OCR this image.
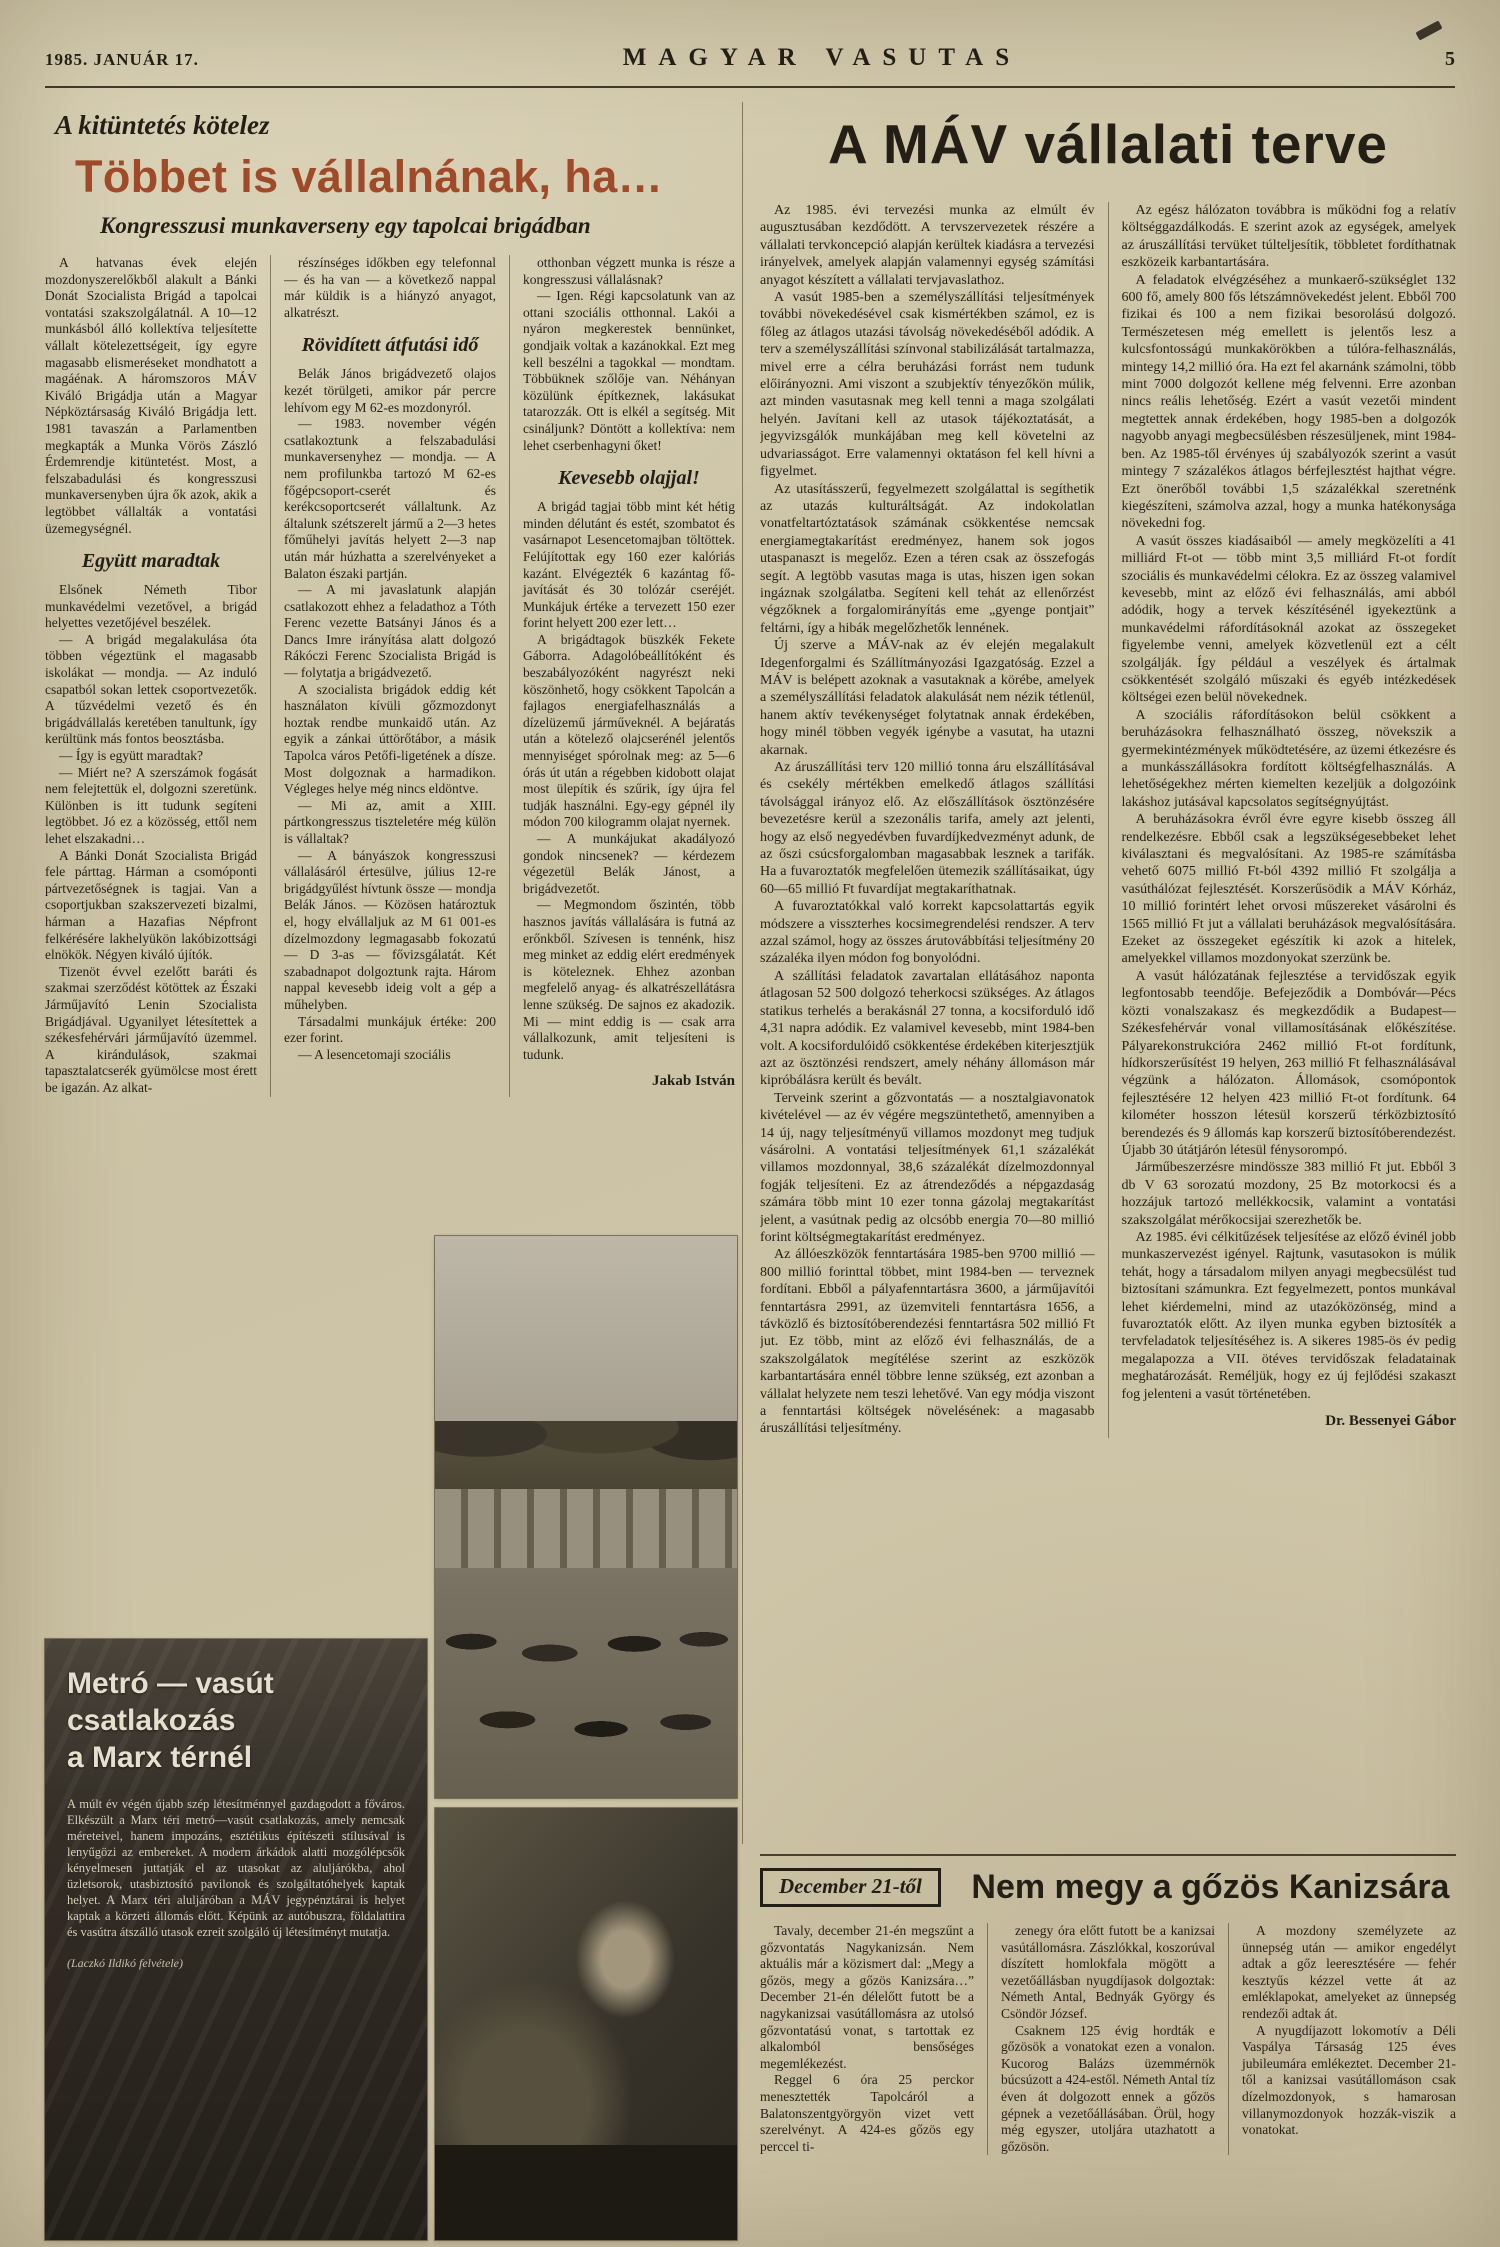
1985. JANUÁR 17.	MAGYAR VASUTAS	5
A kitüntetés kötelez
Többet is vállalnának, ha…
Kongresszusi munkaverseny egy tapolcai brigádban

A hatvanas évek elején mozdonyszerelőkből alakult a Bánki Donát Szocialista Brigád a tapolcai vontatási szakszolgálatnál. A 10—12 munkásból álló kollektíva teljesítette vállalt kötelezettségeit, így egyre magasabb elismeréseket mondhatott a magáénak. A háromszoros MÁV Kiváló Brigádja után a Magyar Népköztársaság Kiváló Brigádja lett. 1981 tavaszán a Parlamentben megkapták a Munka Vörös Zászló Érdemrendje kitüntetést. Most, a felszabadulási és kongresszusi munkaversenyben újra ők azok, akik a legtöbbet vállalták a vontatási üzemegységnél.

Együtt maradtak

Elsőnek Németh Tibor munkavédelmi vezetővel, a brigád helyettes vezetőjével beszélek.

— A brigád megalakulása óta többen végeztünk el magasabb iskolákat — mondja. — Az induló csapatból sokan lettek csoportvezetők. A tűzvédelmi vezető és én brigádvállalás keretében tanultunk, így kerültünk más fontos beosztásba.

— Így is együtt maradtak?

— Miért ne? A szerszámok fogását nem felejtettük el, dolgozni szeretünk. Különben is itt tudunk segíteni legtöbbet. Jó ez a közösség, ettől nem lehet elszakadni…

A Bánki Donát Szocialista Brigád fele párttag. Hárman a csomóponti pártvezetőségnek is tagjai. Van a csoportjukban szakszervezeti bizalmi, hárman a Hazafias Népfront felkérésére lakhelyükön lakóbizottsági elnökök. Négyen kiváló újítók.

Tizenöt évvel ezelőtt baráti és szakmai szerződést kötöttek az Északi Járműjavító Lenin Szocialista Brigádjával. Ugyanilyet létesítettek a székesfehérvári járműjavító üzemmel. A kirándulások, szakmai tapasztalatcserék gyümölcse most érett be igazán. Az alkat-

részínséges időkben egy telefonnal — és ha van — a következő nappal már küldik is a hiányzó anyagot, alkatrészt.

Rövidített átfutási idő

Belák János brigádvezető olajos kezét törülgeti, amikor pár percre lehívom egy M 62-es mozdonyról.

— 1983. november végén csatlakoztunk a felszabadulási munkaversenyhez — mondja. — A nem profilunkba tartozó M 62-es főgépcsoport-cserét és kerékcsoportcserét vállaltunk. Az általunk szétszerelt jármű a 2—3 hetes főműhelyi javítás helyett 2—3 nap után már húzhatta a szerelvényeket a Balaton északi partján.

— A mi javaslatunk alapján csatlakozott ehhez a feladathoz a Tóth Ferenc vezette Batsányi János és a Dancs Imre irányítása alatt dolgozó Rákóczi Ferenc Szocialista Brigád is — folytatja a brigádvezető.

A szocialista brigádok eddig két használaton kívüli gőzmozdonyt hoztak rendbe munkaidő után. Az egyik a zánkai úttörőtábor, a másik Tapolca város Petőfi-ligetének a dísze. Most dolgoznak a harmadikon. Végleges helye még nincs eldöntve.

— Mi az, amit a XIII. pártkongresszus tiszteletére még külön is vállaltak?

— A bányászok kongresszusi vállalásáról értesülve, július 12-re brigádgyűlést hívtunk össze — mondja Belák János. — Közösen határoztuk el, hogy elvállaljuk az M 61 001-es dízelmozdony legmagasabb fokozatú — D 3-as — fővizsgálatát. Két szabadnapot dolgoztunk rajta. Három nappal kevesebb ideig volt a gép a műhelyben.

Társadalmi munkájuk értéke: 200 ezer forint.

— A lesencetomaji szociális

otthonban végzett munka is része a kongresszusi vállalásnak?

— Igen. Régi kapcsolatunk van az ottani szociális otthonnal. Lakói a nyáron megkerestek bennünket, gondjaik voltak a kazánokkal. Ezt meg kell beszélni a tagokkal — mondtam. Többüknek szőlője van. Néhányan közülünk építkeznek, lakásukat tatarozzák. Ott is elkél a segítség. Mit csináljunk? Döntött a kollektíva: nem lehet cserbenhagyni őket!

Kevesebb olajjal!

A brigád tagjai több mint két hétig minden délutánt és estét, szombatot és vasárnapot Lesencetomajban töltöttek. Felújítottak egy 160 ezer kalóriás kazánt. Elvégezték 6 kazántag fő-javítását és 30 tolózár cseréjét. Munkájuk értéke a tervezett 150 ezer forint helyett 200 ezer lett…

A brigádtagok büszkék Fekete Gáborra. Adagolóbeállítóként és beszabályozóként nagyrészt neki köszönhető, hogy csökkent Tapolcán a fajlagos energiafelhasználás a dízelüzemű járműveknél. A bejáratás után a kötelező olajcserénél jelentős mennyiséget spórolnak meg: az 5—6 órás út után a régebben kidobott olajat most ülepítik és szűrik, így újra fel tudják használni. Egy-egy gépnél ily módon 700 kilogramm olajat nyernek.

— A munkájukat akadályozó gondok nincsenek? — kérdezem végezetül Belák Jánost, a brigádvezetőt.

— Megmondom őszintén, több hasznos javítás vállalására is futná az erőnkből. Szívesen is tennénk, hisz meg minket az eddig elért eredmények is köteleznek. Ehhez azonban megfelelő anyag- és alkatrészellátásra lenne szükség. De sajnos ez akadozik. Mi — mint eddig is — csak arra vállalkozunk, amit teljesíteni is tudunk.

Jakab István

A MÁV vállalati terve

Az 1985. évi tervezési munka az elmúlt év augusztusában kezdődött. A tervszervezetek részére a vállalati tervkoncepció alapján kerültek kiadásra a tervezési irányelvek, amelyek alapján valamennyi egység számítási anyagot készített a vállalati tervjavaslathoz.

A vasút 1985-ben a személyszállítási teljesítmények további növekedésével csak kismértékben számol, ez is főleg az átlagos utazási távolság növekedéséből adódik. A terv a személyszállítási színvonal stabilizálását tartalmazza, mivel erre a célra beruházási forrást nem tudunk előirányozni. Ami viszont a szubjektív tényezőkön múlik, azt minden vasutasnak meg kell tenni a maga szolgálati helyén. Javítani kell az utasok tájékoztatását, a jegyvizsgálók munkájában meg kell követelni az udvariasságot. Erre valamennyi oktatáson fel kell hívni a figyelmet.

Az utasításszerű, fegyelmezett szolgálattal is segíthetik az utazás kulturáltságát. Az indokolatlan vonatfeltartóztatások számának csökkentése nemcsak energiamegtakarítást eredményez, hanem sok jogos utaspanaszt is megelőz. Ezen a téren csak az összefogás segít. A legtöbb vasutas maga is utas, hiszen igen sokan ingáznak szolgálatba. Segíteni kell tehát az ellenőrzést végzőknek a forgalomirányítás eme „gyenge pontjait” feltárni, így a hibák megelőzhetők lennének.

Új szerve a MÁV-nak az év elején megalakult Idegenforgalmi és Szállítmányozási Igazgatóság. Ezzel a MÁV is belépett azoknak a vasutaknak a körébe, amelyek a személyszállítási feladatok alakulását nem nézik tétlenül, hanem aktív tevékenységet folytatnak annak érdekében, hogy minél többen vegyék igénybe a vasutat, ha utazni akarnak.

Az áruszállítási terv 120 millió tonna áru elszállításával és csekély mértékben emelkedő átlagos szállítási távolsággal irányoz elő. Az előszállítások ösztönzésére bevezetésre kerül a szezonális tarifa, amely azt jelenti, hogy az első negyedévben fuvardíjkedvezményt adunk, de az őszi csúcsforgalomban magasabbak lesznek a tarifák. Ha a fuvaroztatók megfelelően ütemezik szállításaikat, úgy 60—65 millió Ft fuvardíjat megtakaríthatnak.

A fuvaroztatókkal való korrekt kapcsolattartás egyik módszere a visszterhes kocsimegrendelési rendszer. A terv azzal számol, hogy az összes árutovábbítási teljesítmény 20 százaléka ilyen módon fog bonyolódni.

A szállítási feladatok zavartalan ellátásához naponta átlagosan 52 500 dolgozó teherkocsi szükséges. Az átlagos statikus terhelés a berakásnál 27 tonna, a kocsiforduló idő 4,31 napra adódik. Ez valamivel kevesebb, mint 1984-ben volt. A kocsifordulóidő csökkentése érdekében kiterjesztjük azt az ösztönzési rendszert, amely néhány állomáson már kipróbálásra került és bevált.

Terveink szerint a gőzvontatás — a nosztalgiavonatok kivételével — az év végére megszüntethető, amennyiben a 14 új, nagy teljesítményű villamos mozdonyt meg tudjuk vásárolni. A vontatási teljesítmények 61,1 százalékát villamos mozdonnyal, 38,6 százalékát dízelmozdonnyal fogják teljesíteni. Ez az átrendeződés a népgazdaság számára több mint 10 ezer tonna gázolaj megtakarítást jelent, a vasútnak pedig az olcsóbb energia 70—80 millió forint költségmegtakarítást eredményez.

Az állóeszközök fenntartására 1985-ben 9700 millió — 800 millió forinttal többet, mint 1984-ben — terveznek fordítani. Ebből a pályafenntartásra 3600, a járműjavítói fenntartásra 2991, az üzemviteli fenntartásra 1656, a távközlő és biztosítóberendezési fenntartásra 502 millió Ft jut. Ez több, mint az előző évi felhasználás, de a szakszolgálatok megítélése szerint az eszközök karbantartására ennél többre lenne szükség, ezt azonban a vállalat helyzete nem teszi lehetővé. Van egy módja viszont a fenntartási költségek növelésének: a magasabb áruszállítási teljesítmény.

Az egész hálózaton továbbra is működni fog a relatív költséggazdálkodás. E szerint azok az egységek, amelyek az áruszállítási tervüket túlteljesítik, többletet fordíthatnak eszközeik karbantartására.

A feladatok elvégzéséhez a munkaerő-szükséglet 132 600 fő, amely 800 fős létszámnövekedést jelent. Ebből 700 fizikai és 100 a nem fizikai besorolású dolgozó. Természetesen még emellett is jelentős lesz a kulcsfontosságú munkakörökben a túlóra-felhasználás, mintegy 14,2 millió óra. Ha ezt fel akarnánk számolni, több mint 7000 dolgozót kellene még felvenni. Erre azonban nincs reális lehetőség. Ezért a vasút vezetői mindent megtettek annak érdekében, hogy 1985-ben a dolgozók nagyobb anyagi megbecsülésben részesüljenek, mint 1984-ben. Az 1985-től érvényes új szabályozók szerint a vasút mintegy 7 százalékos átlagos bérfejlesztést hajthat végre. Ezt önerőből további 1,5 százalékkal szeretnénk kiegészíteni, számolva azzal, hogy a munka hatékonysága növekedni fog.

A vasút összes kiadásaiból — amely megközelíti a 41 milliárd Ft-ot — több mint 3,5 milliárd Ft-ot fordít szociális és munkavédelmi célokra. Ez az összeg valamivel kevesebb, mint az előző évi felhasználás, ami abból adódik, hogy a tervek készítésénél igyekeztünk a munkavédelmi ráfordításoknál azokat az összegeket figyelembe venni, amelyek közvetlenül ezt a célt szolgálják. Így például a veszélyek és ártalmak csökkentését szolgáló műszaki és egyéb intézkedések költségei ezen belül növekednek.

A szociális ráfordításokon belül csökkent a beruházásokra felhasználható összeg, növekszik a gyermekintézmények működtetésére, az üzemi étkezésre és a munkásszállásokra fordított költségfelhasználás. A lehetőségekhez mérten kiemelten kezeljük a dolgozóink lakáshoz jutásával kapcsolatos segítségnyújtást.

A beruházásokra évről évre egyre kisebb összeg áll rendelkezésre. Ebből csak a legszükségesebbeket lehet kiválasztani és megvalósítani. Az 1985-re számításba vehető 6075 millió Ft-ból 4392 millió Ft szolgálja a vasúthálózat fejlesztését. Korszerűsödik a MÁV Kórház, 10 millió forintért lehet orvosi műszereket vásárolni és 1565 millió Ft jut a vállalati beruházások megvalósítására. Ezeket az összegeket egészítik ki azok a hitelek, amelyekkel villamos mozdonyokat szerzünk be.

A vasút hálózatának fejlesztése a tervidőszak egyik legfontosabb teendője. Befejeződik a Dombóvár—Pécs közti vonalszakasz és megkezdődik a Budapest—Székesfehérvár vonal villamosításának előkészítése. Pályarekonstrukcióra 2462 millió Ft-ot fordítunk, hídkorszerűsítést 19 helyen, 263 millió Ft felhasználásával végzünk a hálózaton. Állomások, csomópontok fejlesztésére 12 helyen 423 millió Ft-ot fordítunk. 64 kilométer hosszon létesül korszerű térközbiztosító berendezés és 9 állomás kap korszerű biztosítóberendezést. Újabb 30 útátjárón létesül fénysorompó.

Járműbeszerzésre mindössze 383 millió Ft jut. Ebből 3 db V 63 sorozatú mozdony, 25 Bz motorkocsi és a hozzájuk tartozó mellékkocsik, valamint a vontatási szakszolgálat mérőkocsijai szerezhetők be.

Az 1985. évi célkitűzések teljesítése az előző évinél jobb munkaszervezést igényel. Rajtunk, vasutasokon is múlik tehát, hogy a társadalom milyen anyagi megbecsülést tud biztosítani számunkra. Ezt fegyelmezett, pontos munkával lehet kiérdemelni, mind az utazóközönség, mind a fuvaroztatók előtt. Az ilyen munka egyben biztosíték a tervfeladatok teljesítéséhez is. A sikeres 1985-ös év pedig megalapozza a VII. ötéves tervidőszak feladatainak meghatározását. Reméljük, hogy ez új fejlődési szakaszt fog jelenteni a vasút történetében.

Dr. Bessenyei Gábor

December 21-től	Nem megy a gőzös Kanizsára

Tavaly, december 21-én megszűnt a gőzvontatás Nagykanizsán. Nem aktuális már a közismert dal: „Megy a gőzös, megy a gőzös Kanizsára…” December 21-én délelőtt futott be a nagykanizsai vasútállomásra az utolsó gőzvontatású vonat, s tartottak ez alkalomból bensőséges megemlékezést.

Reggel 6 óra 25 perckor menesztették Tapolcáról a Balatonszentgyörgyön vizet vett szerelvényt. A 424-es gőzös egy perccel ti-

zenegy óra előtt futott be a kanizsai vasútállomásra. Zászlókkal, koszorúval díszített homlokfala mögött a vezetőállásban nyugdíjasok dolgoztak: Németh Antal, Bednyák György és Csöndör József.

Csaknem 125 évig hordták e gőzösök a vonatokat ezen a vonalon. Kucorog Balázs üzemmérnök búcsúzott a 424-estől. Németh Antal tíz éven át dolgozott ennek a gőzös gépnek a vezetőállásában. Örül, hogy még egyszer, utoljára utazhatott a gőzösön.

A mozdony személyzete az ünnepség után — amikor engedélyt adtak a gőz leeresztésére — fehér kesztyűs kézzel vette át az emléklapokat, amelyeket az ünnepség rendezői adtak át.

A nyugdíjazott lokomotív a Déli Vaspálya Társaság 125 éves jubileumára emlékeztet. December 21-től a kanizsai vasútállomáson csak dízelmozdonyok, s hamarosan villanymozdonyok hozzák-viszik a vonatokat.

Metró — vasút
csatlakozás
a Marx térnél
A múlt év végén újabb szép létesítménnyel gazdagodott a főváros. Elkészült a Marx téri metró—vasút csatlakozás, amely nemcsak méreteivel, hanem impozáns, esztétikus építészeti stílusával is lenyűgözi az embereket. A modern árkádok alatti mozgólépcsők kényelmesen juttatják el az utasokat az aluljárókba, ahol üzletsorok, utasbiztosító pavilonok és szolgáltatóhelyek kaptak helyet. A Marx téri aluljáróban a MÁV jegypénztárai is helyet kaptak a körzeti állomás előtt. Képünk az autóbuszra, földalattira és vasútra átszálló utasok ezreit szolgáló új létesítményt mutatja.
(Laczkó Ildikó felvétele)
